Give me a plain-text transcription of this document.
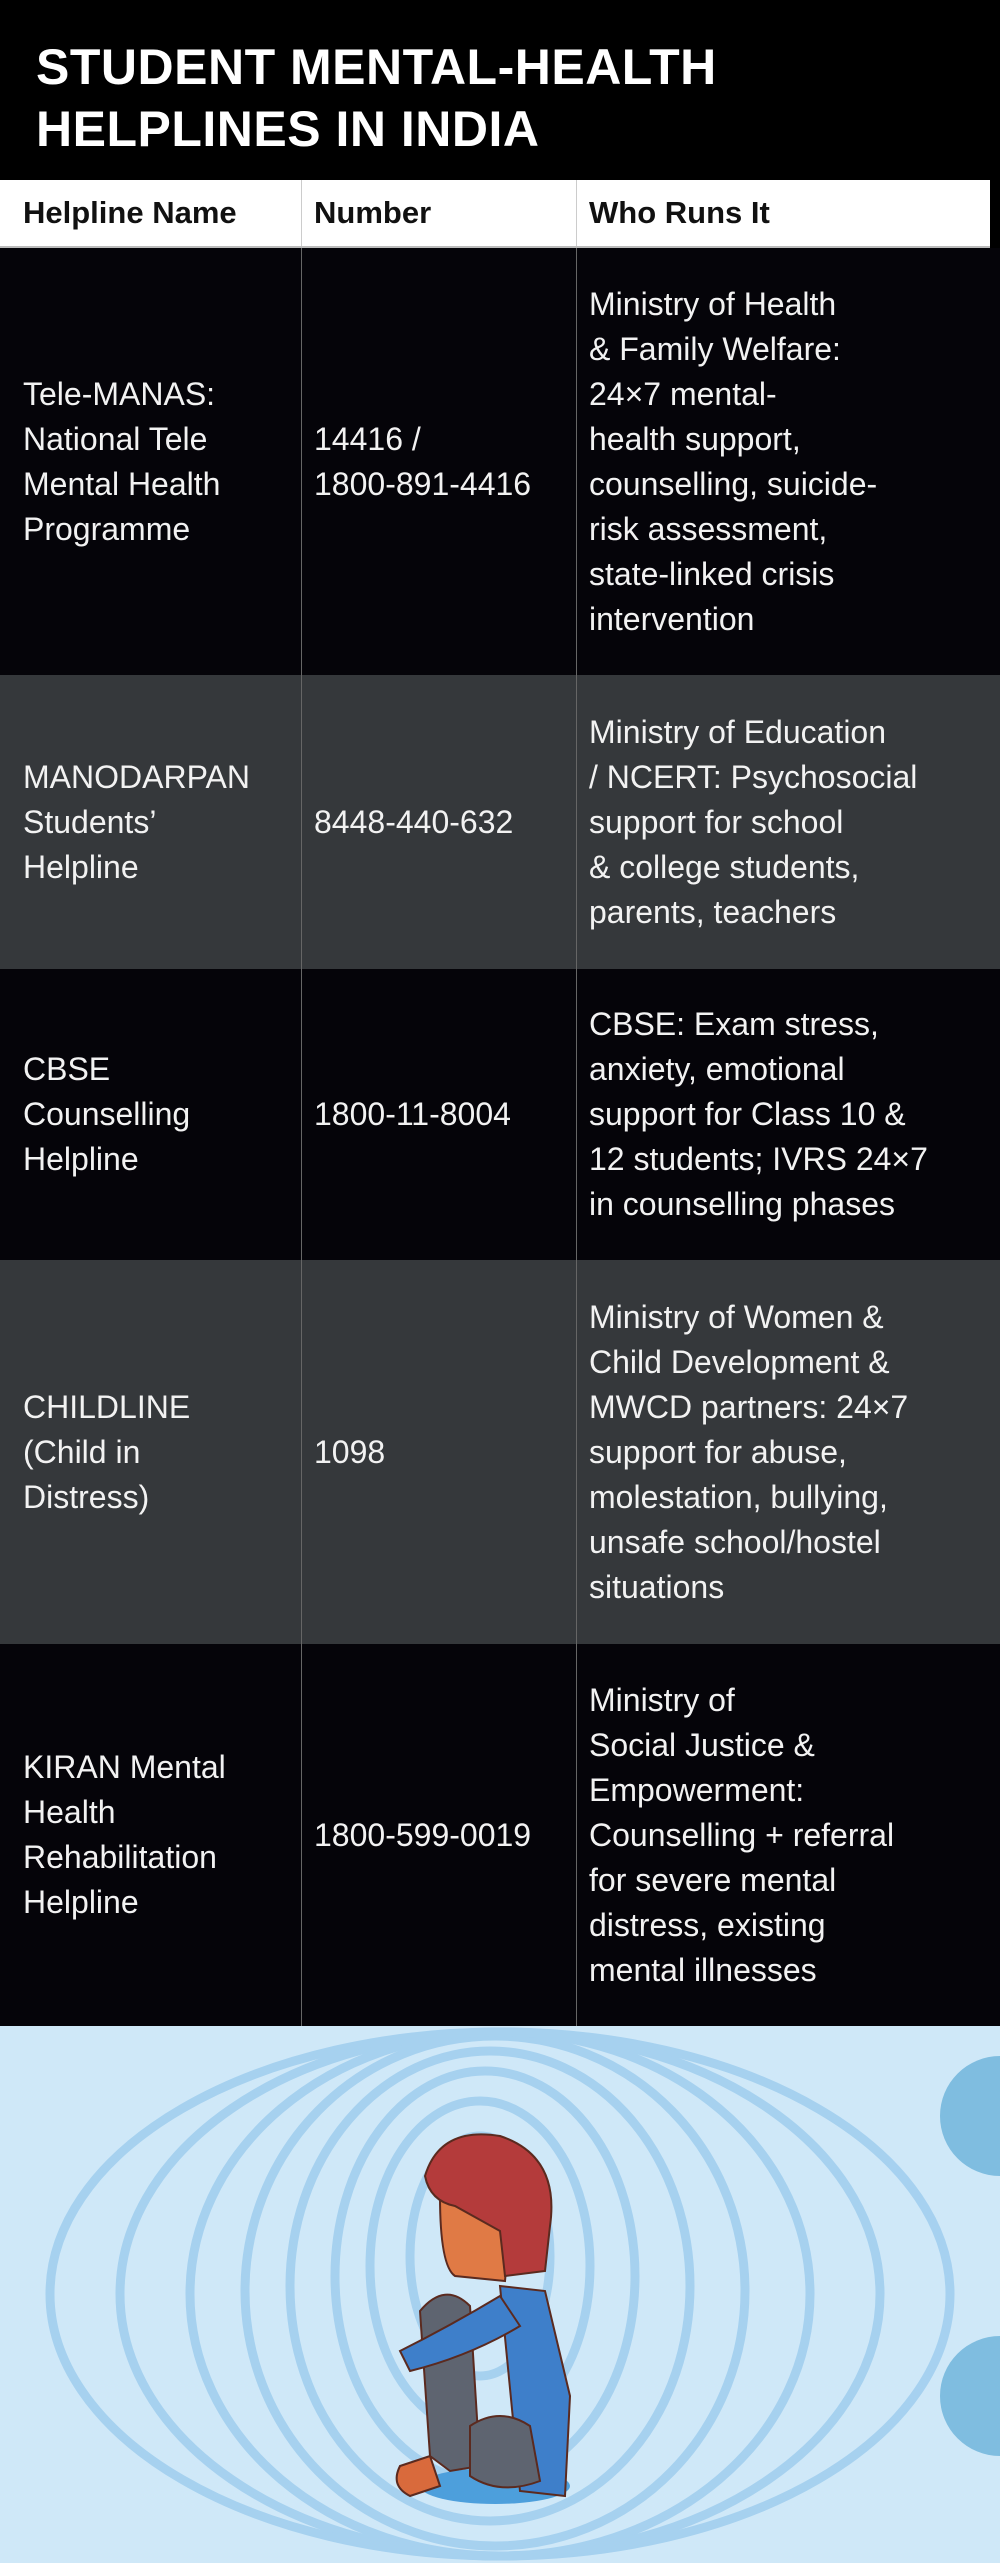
STUDENT MENTAL-HEALTH
HELPLINES IN INDIA
Helpline Name	Number	Who Runs It
Tele-MANAS:
National Tele
Mental Health
Programme
14416 /
1800-891-4416
Ministry of Health
& Family Welfare:
24×7 mental-
health support,
counselling, suicide-
risk assessment,
state-linked crisis
intervention
MANODARPAN
Students’
Helpline
8448-440-632
Ministry of Education
/ NCERT: Psychosocial
support for school
& college students,
parents, teachers
CBSE
Counselling
Helpline
1800-11-8004
CBSE: Exam stress,
anxiety, emotional
support for Class 10 &
12 students; IVRS 24×7
in counselling phases
CHILDLINE
(Child in
Distress)
1098
Ministry of Women &
Child Development &
MWCD partners: 24×7
support for abuse,
molestation, bullying,
unsafe school/hostel
situations
KIRAN Mental
Health
Rehabilitation
Helpline
1800-599-0019
Ministry of
Social Justice &
Empowerment:
Counselling + referral
for severe mental
distress, existing
mental illnesses
